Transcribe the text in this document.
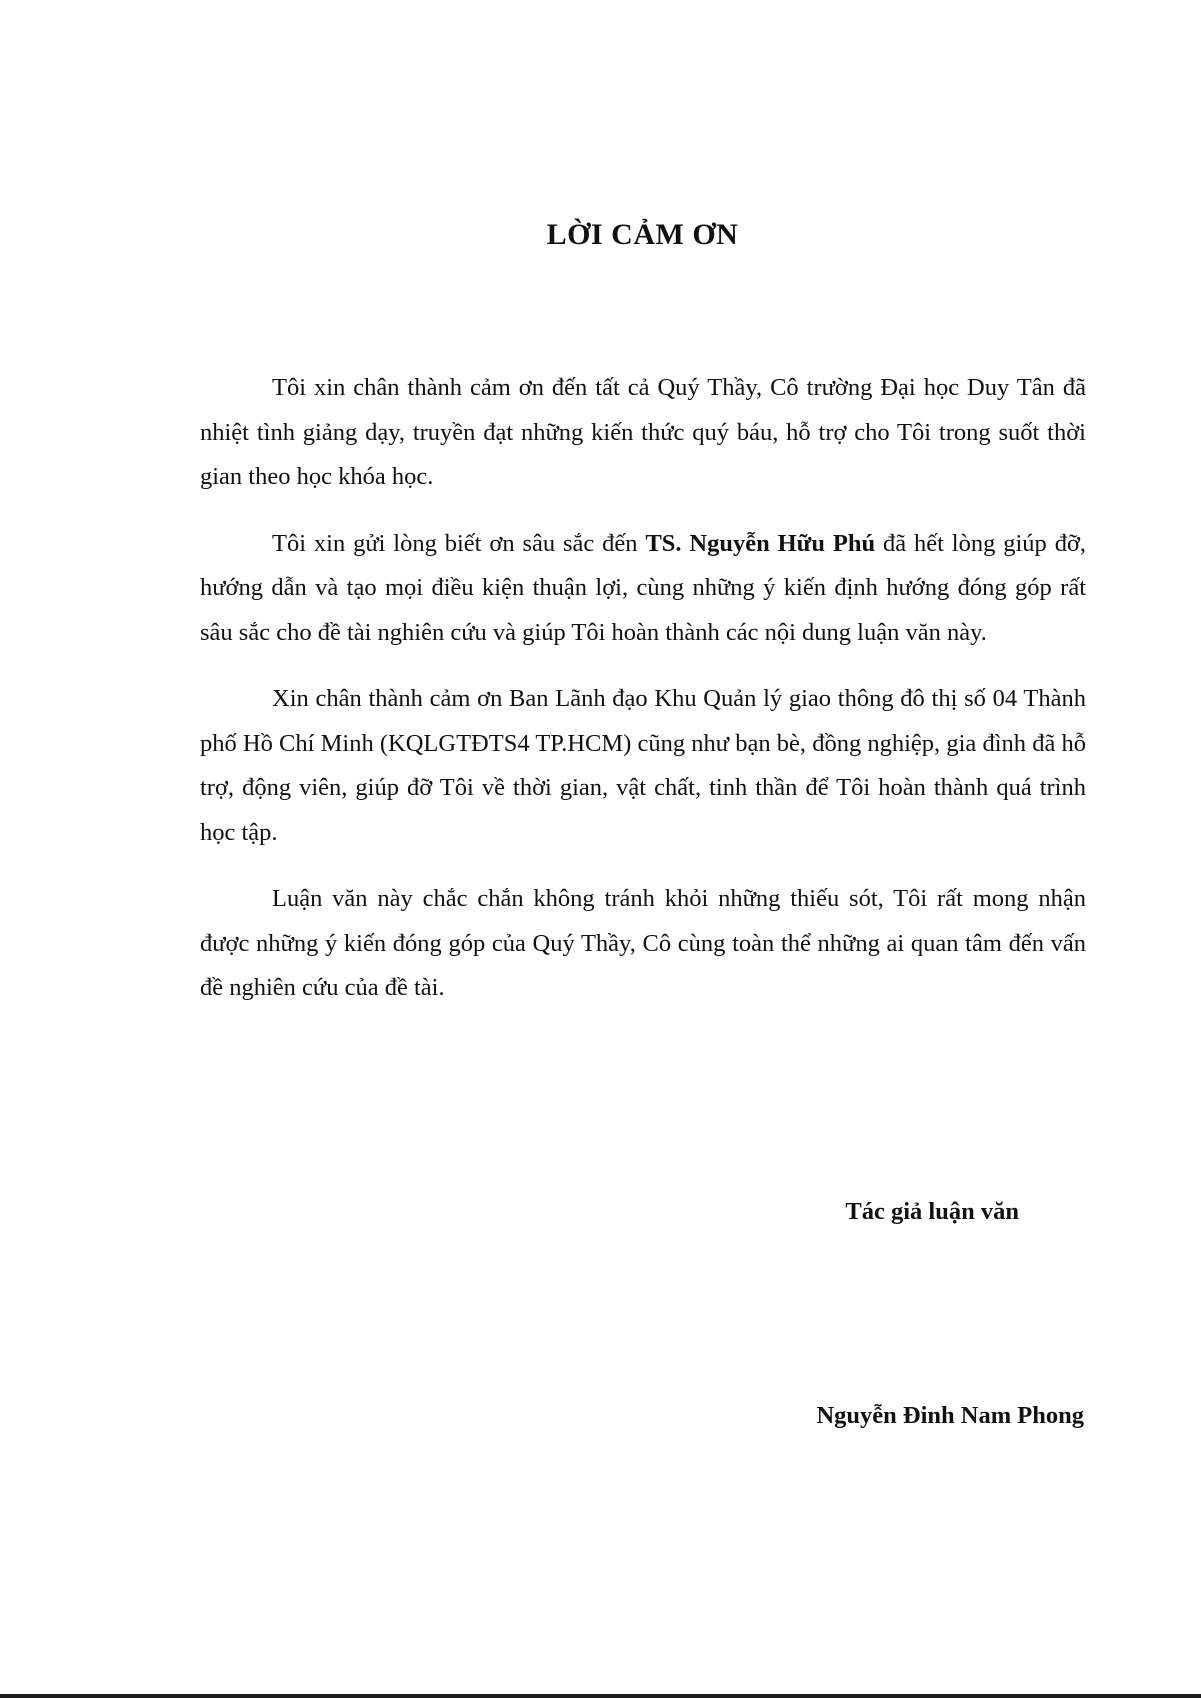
LỜI CẢM ƠN

Tôi xin chân thành cảm ơn đến tất cả Quý Thầy, Cô trường Đại học Duy Tân đã nhiệt tình giảng dạy, truyền đạt những kiến thức quý báu, hỗ trợ cho Tôi trong suốt thời gian theo học khóa học.

Tôi xin gửi lòng biết ơn sâu sắc đến TS. Nguyễn Hữu Phú đã hết lòng giúp đỡ, hướng dẫn và tạo mọi điều kiện thuận lợi, cùng những ý kiến định hướng đóng góp rất sâu sắc cho đề tài nghiên cứu và giúp Tôi hoàn thành các nội dung luận văn này.

Xin chân thành cảm ơn Ban Lãnh đạo Khu Quản lý giao thông đô thị số 04 Thành phố Hồ Chí Minh (KQLGTĐTS4 TP.HCM) cũng như bạn bè, đồng nghiệp, gia đình đã hỗ trợ, động viên, giúp đỡ Tôi về thời gian, vật chất, tinh thần để Tôi hoàn thành quá trình học tập.

Luận văn này chắc chắn không tránh khỏi những thiếu sót, Tôi rất mong nhận được những ý kiến đóng góp của Quý Thầy, Cô cùng toàn thể những ai quan tâm đến vấn đề nghiên cứu của đề tài.

Tác giả luận văn

Nguyễn Đinh Nam Phong
